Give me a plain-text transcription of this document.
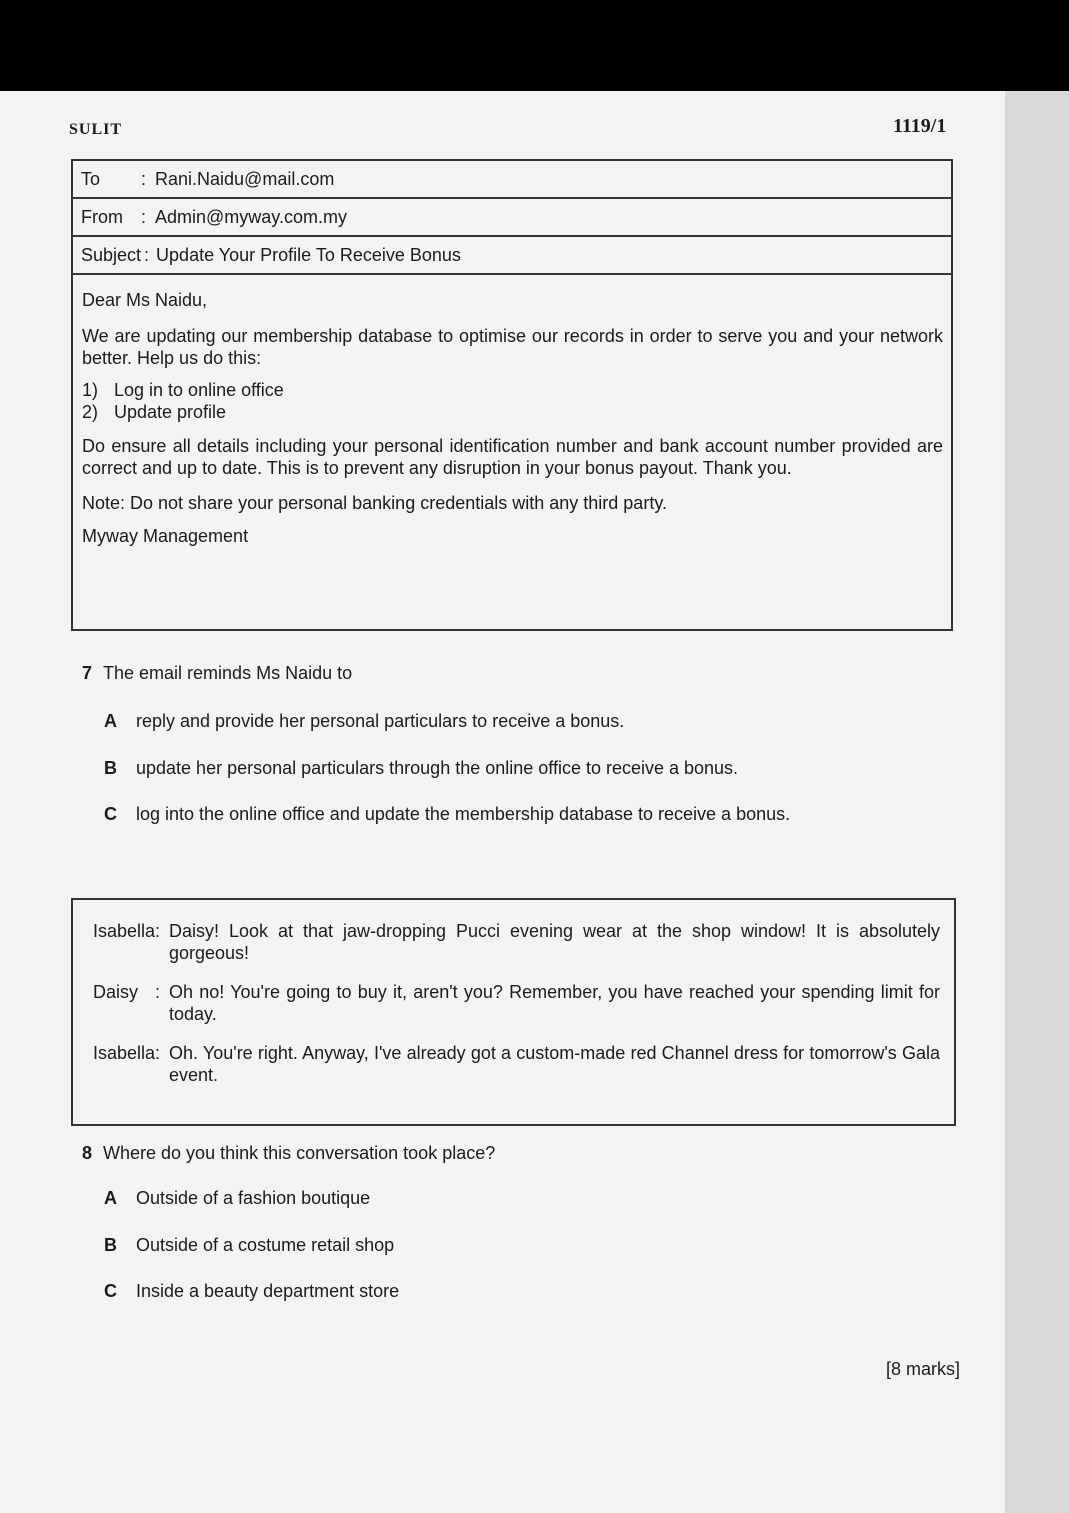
SULIT	1119/1
To	: Rani.Naidu@mail.com
From	: Admin@myway.com.my
Subject : Update Your Profile To Receive Bonus

Dear Ms Naidu,

We are updating our membership database to optimise our records in order to serve you and your network better. Help us do this:

1) Log in to online office
2) Update profile

Do ensure all details including your personal identification number and bank account number provided are correct and up to date. This is to prevent any disruption in your bonus payout. Thank you.

Note: Do not share your personal banking credentials with any third party.

Myway Management

7 The email reminds Ms Naidu to
A	reply and provide her personal particulars to receive a bonus.
B	update her personal particulars through the online office to receive a bonus.
C	log into the online office and update the membership database to receive a bonus.
Isabella : Daisy! Look at that jaw-dropping Pucci evening wear at the shop window! It is absolutely gorgeous!
Daisy : Oh no! You're going to buy it, aren't you? Remember, you have reached your spending limit for today.
Isabella : Oh. You're right. Anyway, I've already got a custom-made red Channel dress for tomorrow's Gala event.
8 Where do you think this conversation took place?
A	Outside of a fashion boutique
B	Outside of a costume retail shop
C	Inside a beauty department store
[8 marks]
